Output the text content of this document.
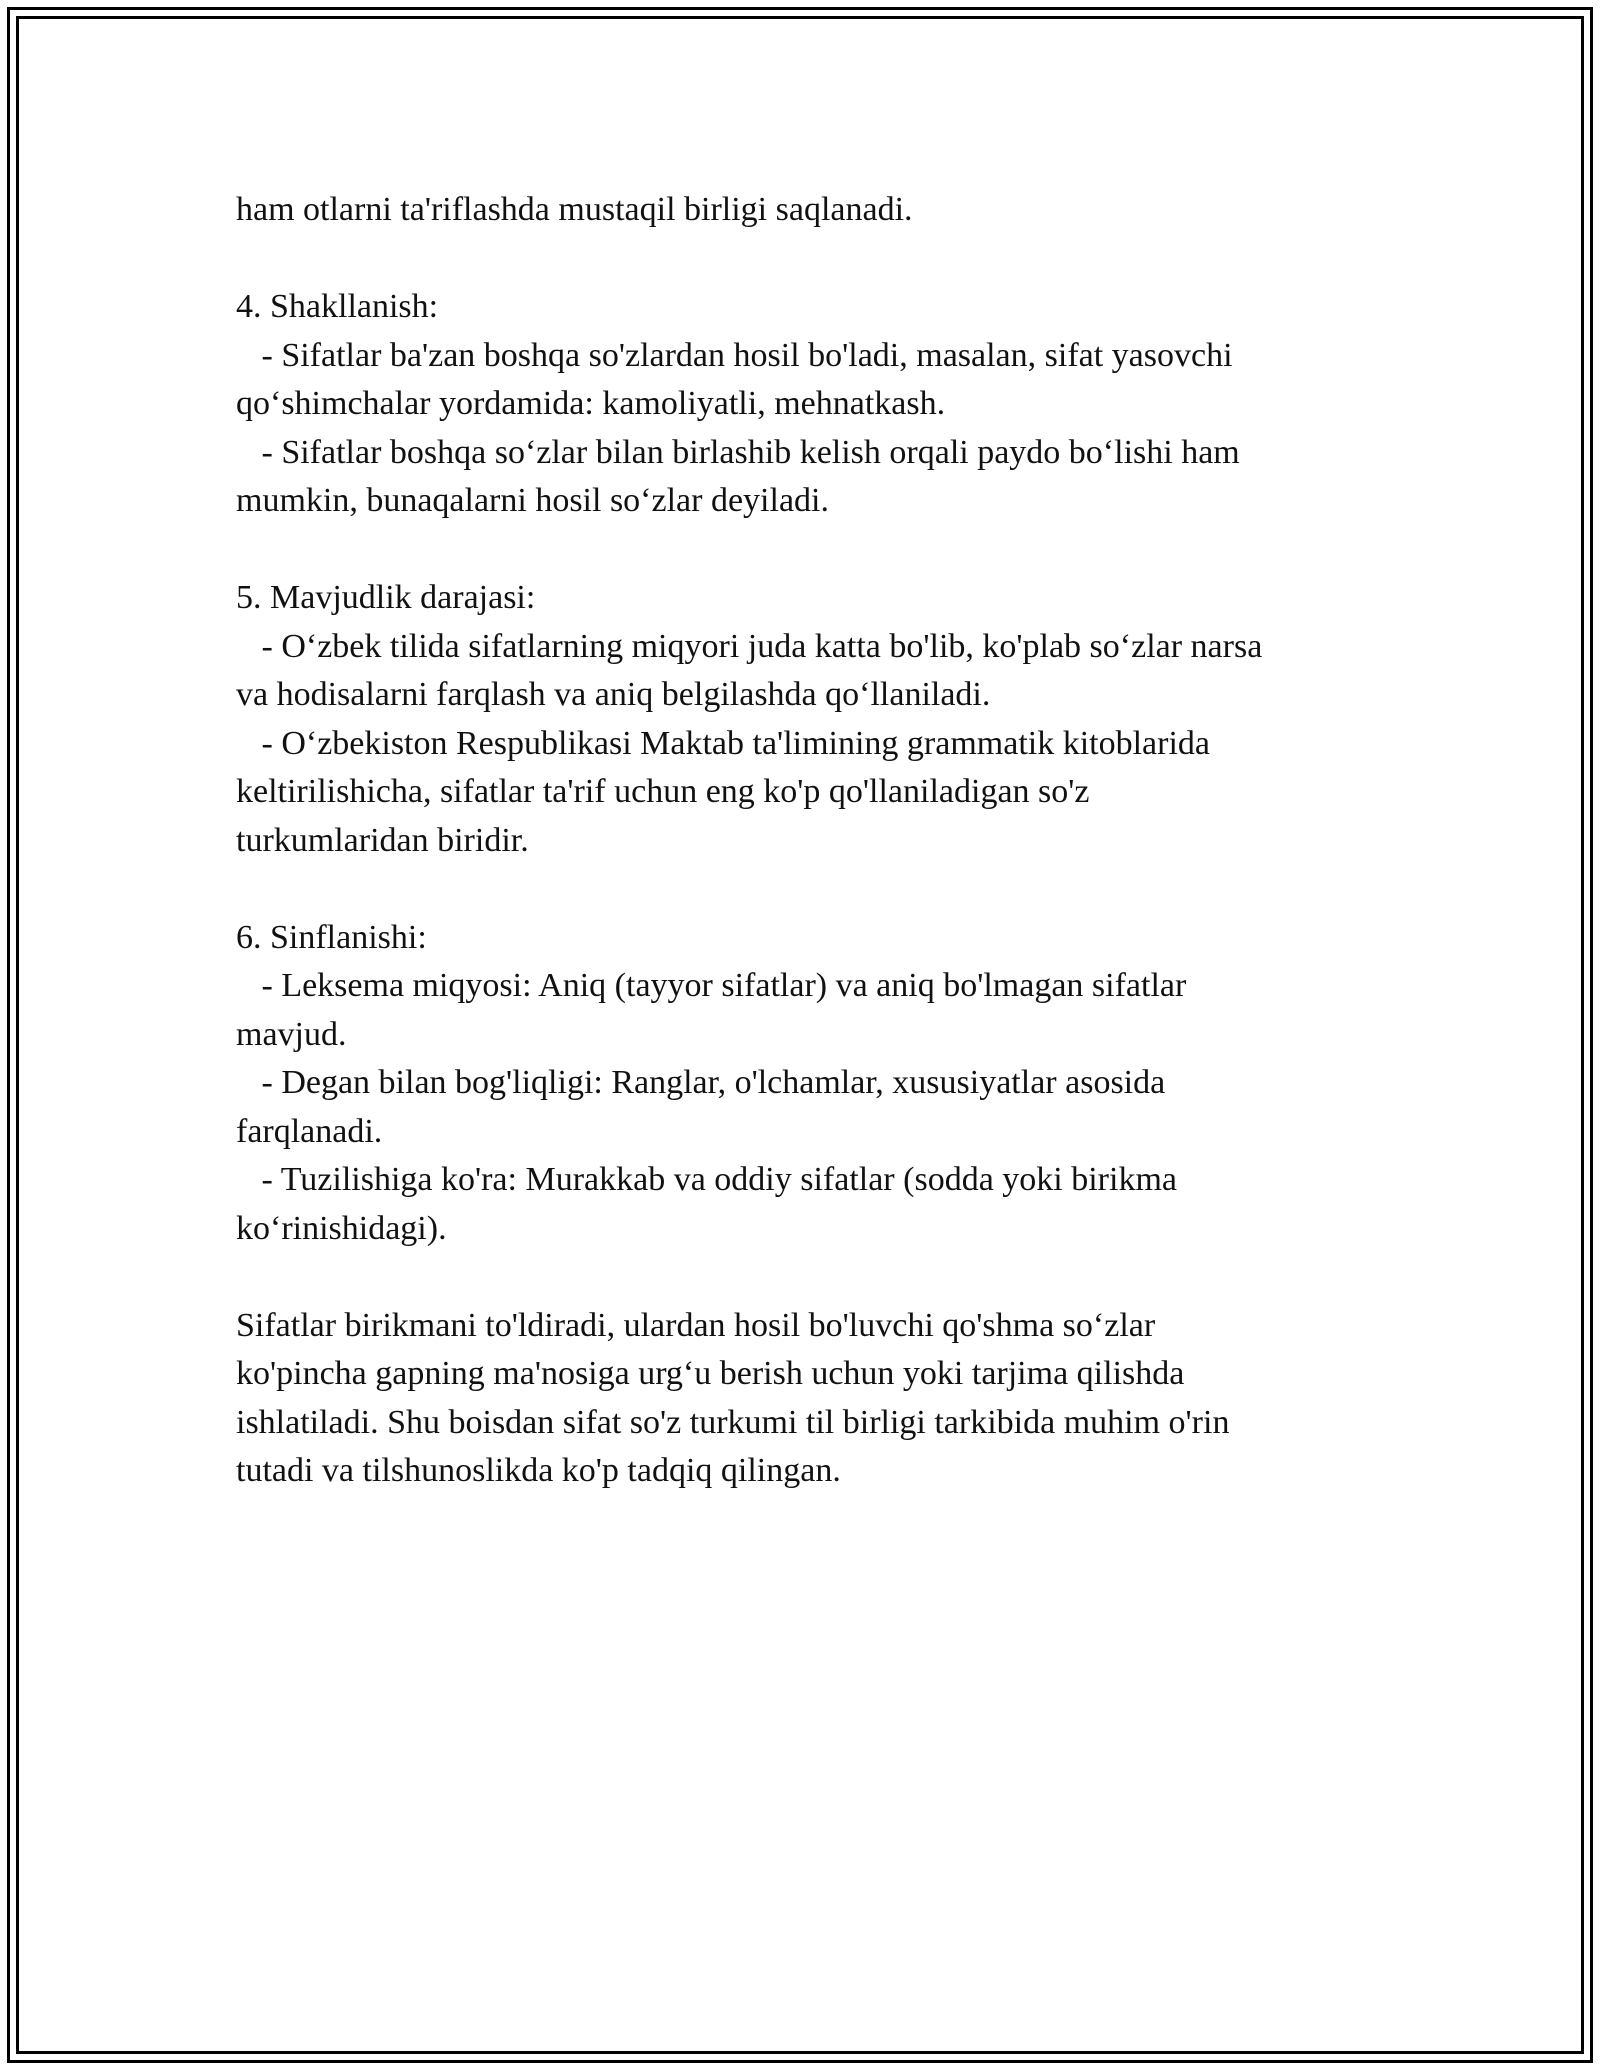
ham otlarni ta'riflashda mustaqil birligi saqlanadi.
4. Shakllanish:
- Sifatlar ba'zan boshqa so'zlardan hosil bo'ladi, masalan, sifat yasovchi
qoʻshimchalar yordamida: kamoliyatli, mehnatkash.
- Sifatlar boshqa soʻzlar bilan birlashib kelish orqali paydo boʻlishi ham
mumkin, bunaqalarni hosil soʻzlar deyiladi.
5. Mavjudlik darajasi:
- Oʻzbek tilida sifatlarning miqyori juda katta bo'lib, ko'plab soʻzlar narsa
va hodisalarni farqlash va aniq belgilashda qoʻllaniladi.
- Oʻzbekiston Respublikasi Maktab ta'limining grammatik kitoblarida
keltirilishicha, sifatlar ta'rif uchun eng ko'p qo'llaniladigan so'z
turkumlaridan biridir.
6. Sinflanishi:
- Leksema miqyosi: Aniq (tayyor sifatlar) va aniq bo'lmagan sifatlar
mavjud.
- Degan bilan bog'liqligi: Ranglar, o'lchamlar, xususiyatlar asosida
farqlanadi.
- Tuzilishiga ko'ra: Murakkab va oddiy sifatlar (sodda yoki birikma
koʻrinishidagi).
Sifatlar birikmani to'ldiradi, ulardan hosil bo'luvchi qo'shma soʻzlar
ko'pincha gapning ma'nosiga urgʻu berish uchun yoki tarjima qilishda
ishlatiladi. Shu boisdan sifat so'z turkumi til birligi tarkibida muhim o'rin
tutadi va tilshunoslikda ko'p tadqiq qilingan.
